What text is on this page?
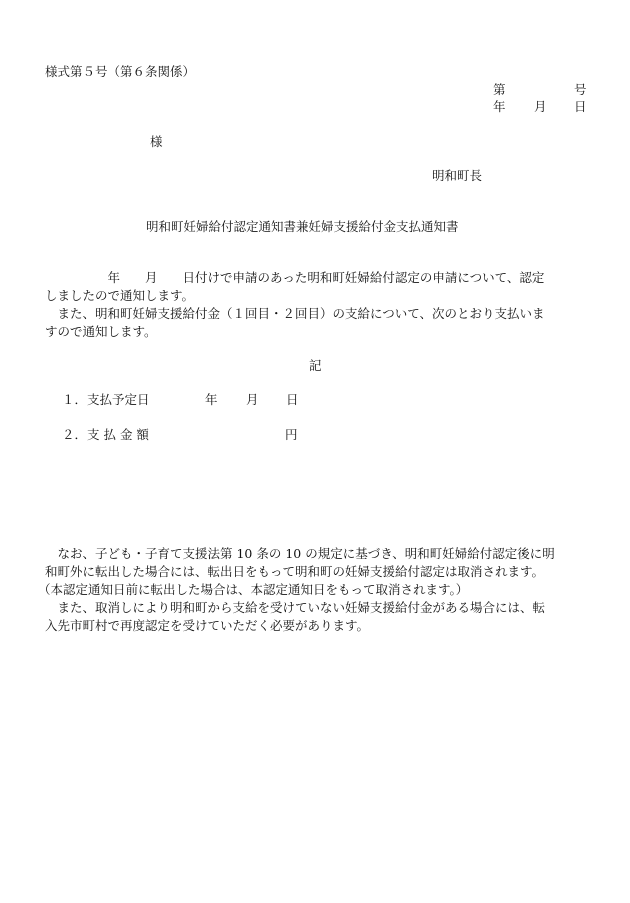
様式第５号（第６条関係）
第	号
年 月 日
様
明和町長
明和町妊婦給付認定通知書兼妊婦支援給付金支払通知書
　　　　　年　　月　　日付けで申請のあった明和町妊婦給付認定の申請について、認定
しましたので通知します。
　また、明和町妊婦支援給付金（１回目・２回目）の支給について、次のとおり支払いま
すので通知します。
記
１．支払予定日	年 月 日
２．支 払 金 額	円
　なお、子ども・子育て支援法第 10 条の 10 の規定に基づき、明和町妊婦給付認定後に明
和町外に転出した場合には、転出日をもって明和町の妊婦支援給付認定は取消されます。
（本認定通知日前に転出した場合は、本認定通知日をもって取消されます。）
　また、取消しにより明和町から支給を受けていない妊婦支援給付金がある場合には、転
入先市町村で再度認定を受けていただく必要があります。
